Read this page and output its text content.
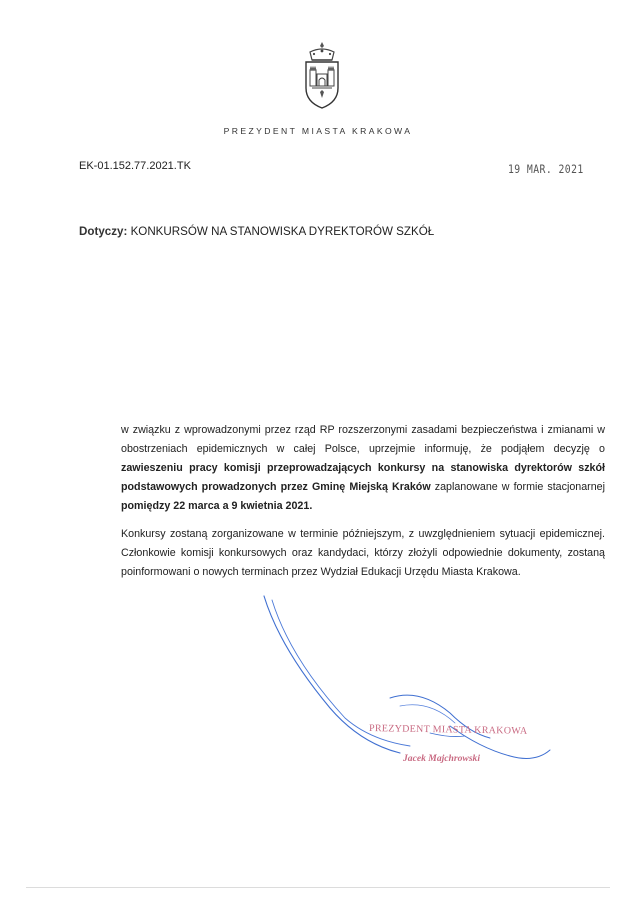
PREZYDENT MIASTA KRAKOWA
EK-01.152.77.2021.TK	19 MAR. 2021
Dotyczy: KONKURSÓW NA STANOWISKA DYREKTORÓW SZKÓŁ
w związku z wprowadzonymi przez rząd RP rozszerzonymi zasadami bezpieczeństwa i zmianami w obostrzeniach epidemicznych w całej Polsce, uprzejmie informuję, że podjąłem decyzję o zawieszeniu pracy komisji przeprowadzających konkursy na stanowiska dyrektorów szkół podstawowych prowadzonych przez Gminę Miejską Kraków zaplanowane w formie stacjonarnej pomiędzy 22 marca a 9 kwietnia 2021.
Konkursy zostaną zorganizowane w terminie późniejszym, z uwzględnieniem sytuacji epidemicznej. Członkowie komisji konkursowych oraz kandydaci, którzy złożyli odpowiednie dokumenty, zostaną poinformowani o nowych terminach przez Wydział Edukacji Urzędu Miasta Krakowa.
PREZYDENT MIASTA KRAKOWA
Jacek Majchrowski
